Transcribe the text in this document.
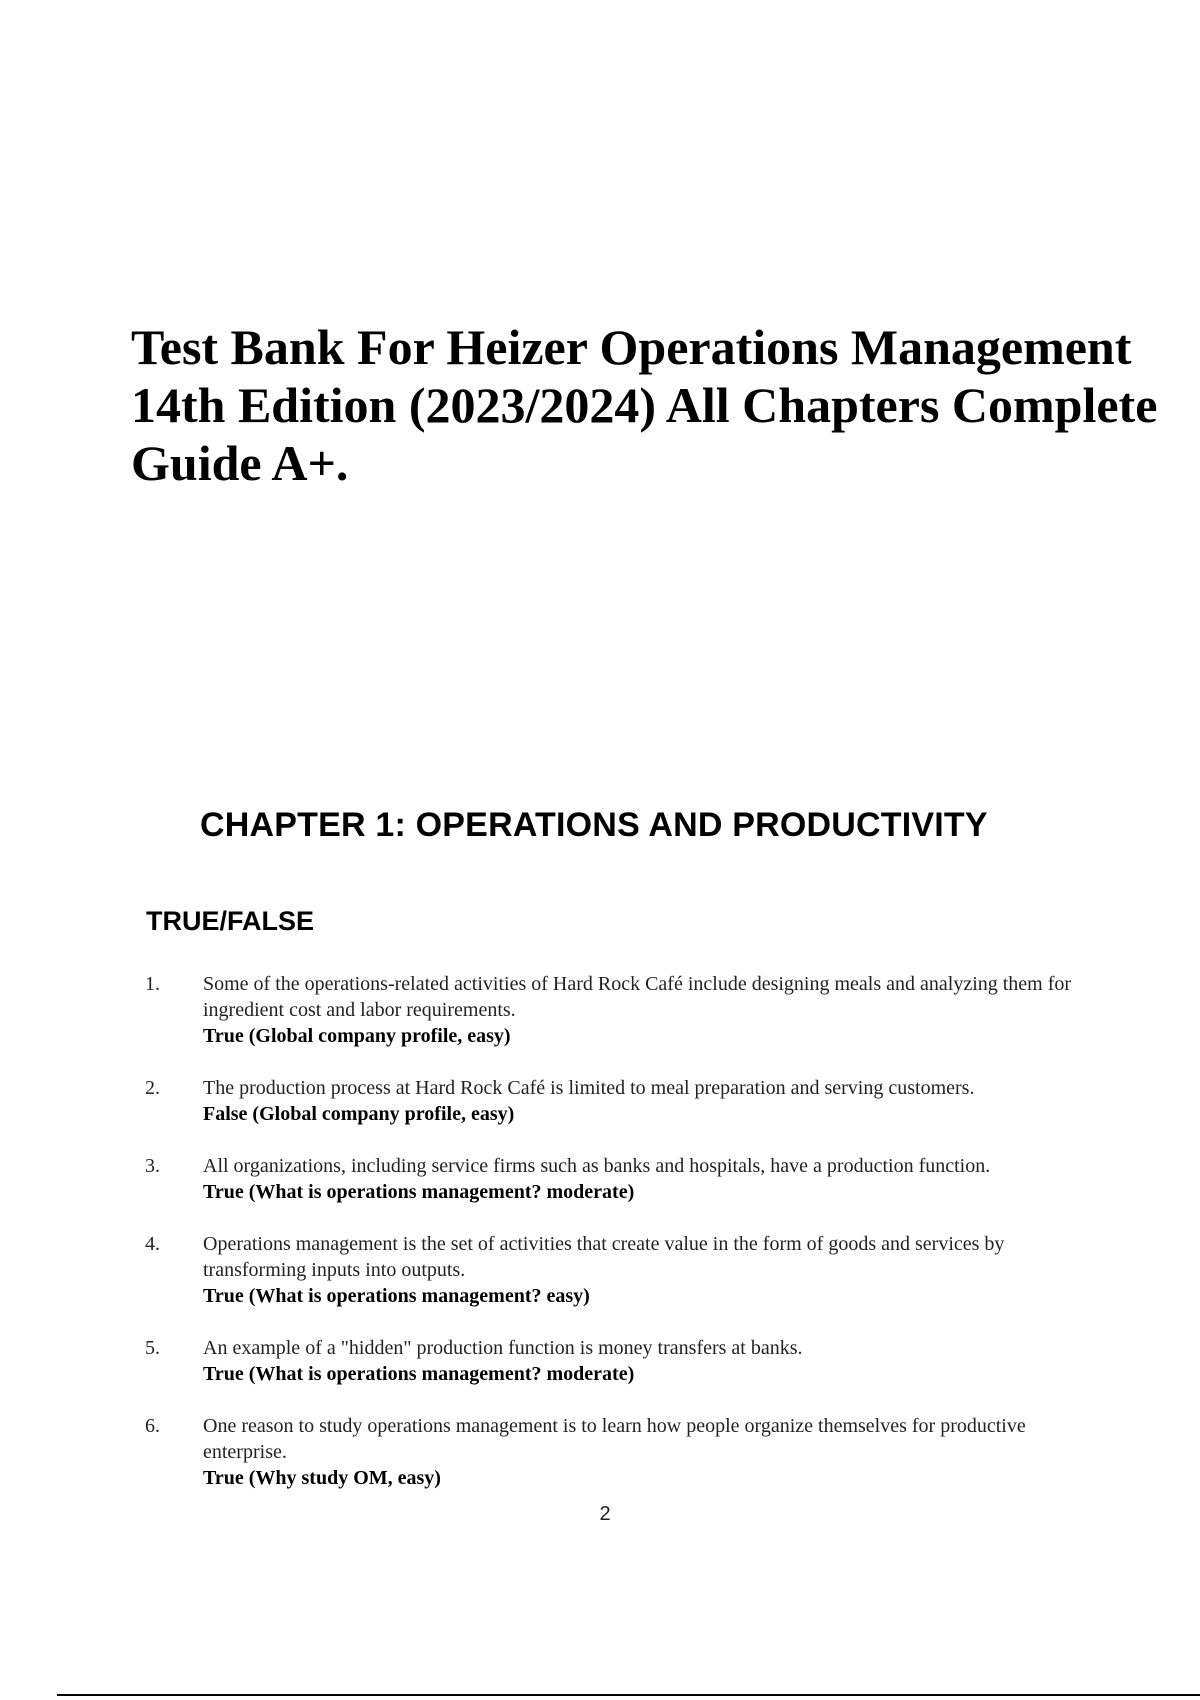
Test Bank For Heizer Operations Management
14th Edition (2023/2024) All Chapters Complete
Guide A+.
CHAPTER 1: OPERATIONS AND PRODUCTIVITY
TRUE/FALSE
1. Some of the operations-related activities of Hard Rock Café include designing meals and analyzing them for ingredient cost and labor requirements.
True (Global company profile, easy)
2. The production process at Hard Rock Café is limited to meal preparation and serving customers.
False (Global company profile, easy)
3. All organizations, including service firms such as banks and hospitals, have a production function.
True (What is operations management? moderate)
4. Operations management is the set of activities that create value in the form of goods and services by transforming inputs into outputs.
True (What is operations management? easy)
5. An example of a "hidden" production function is money transfers at banks.
True (What is operations management? moderate)
6. One reason to study operations management is to learn how people organize themselves for productive enterprise.
True (Why study OM, easy)
2
